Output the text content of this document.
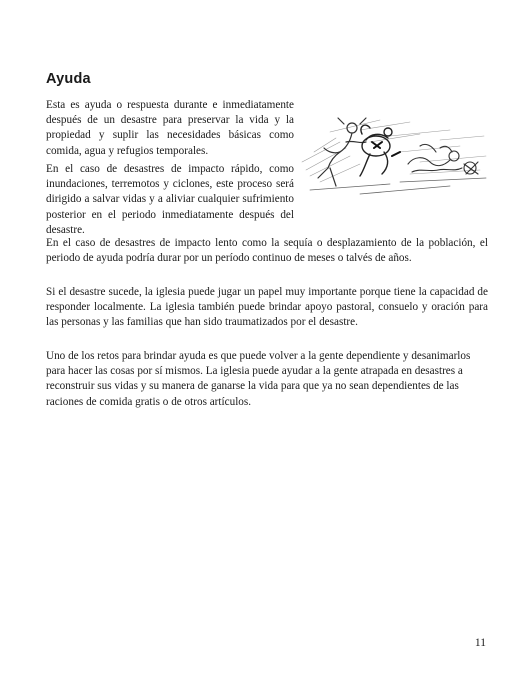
Ayuda

Esta es ayuda o respuesta durante e inmediatamente después de un desastre para preservar la vida y la propiedad y suplir las necesidades básicas como comida, agua y refugios temporales.

En el caso de desastres de impacto rápido, como inundaciones, terremotos y ciclones, este proceso será dirigido a salvar vidas y a aliviar cualquier sufrimiento posterior en el periodo inmediatamente después del desastre.

En el caso de desastres de impacto lento como la sequía o desplazamiento de la población, el periodo de ayuda podría durar por un período continuo de meses o talvés de años.

Si el desastre sucede, la iglesia puede jugar un papel muy importante porque tiene la capacidad de responder localmente. La iglesia también puede brindar apoyo pastoral, consuelo y oración para las personas y las familias que han sido traumatizados por el desastre.

Uno de los retos para brindar ayuda es que puede volver a la gente dependiente y desanimarlos para hacer las cosas por sí mismos. La iglesia puede ayudar a la gente atrapada en desastres a reconstruir sus vidas y su manera de ganarse la vida para que ya no sean dependientes de las raciones de comida gratis o de otros artículos.

11
